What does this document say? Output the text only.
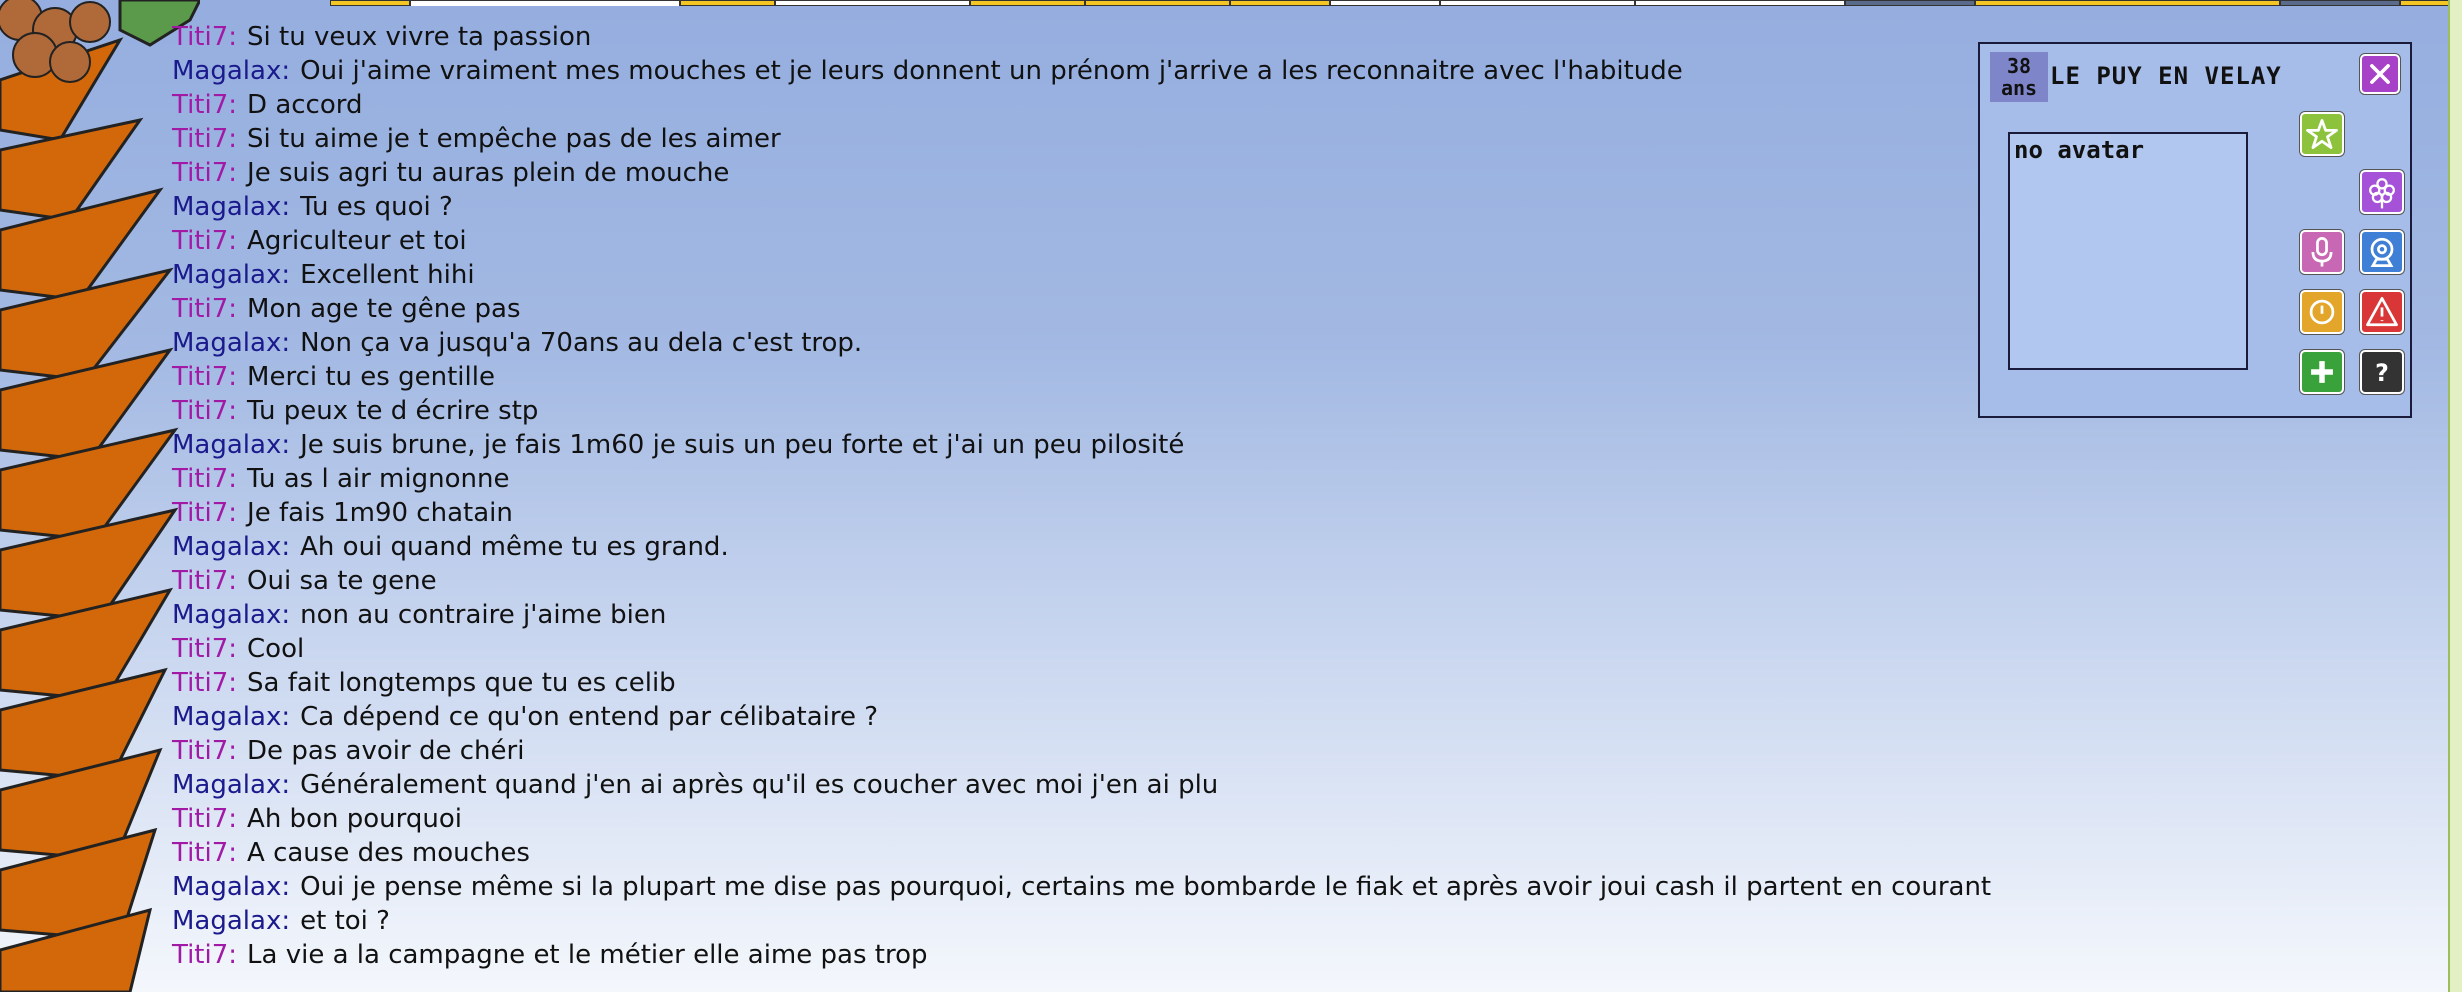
Titi7: Si tu veux vivre ta passion
Magalax: Oui j'aime vraiment mes mouches et je leurs donnent un prénom j'arrive a les reconnaitre avec l'habitude
Titi7: D accord
Titi7: Si tu aime je t empêche pas de les aimer
Titi7: Je suis agri tu auras plein de mouche
Magalax: Tu es quoi ?
Titi7: Agriculteur et toi
Magalax: Excellent hihi
Titi7: Mon age te gêne pas
Magalax: Non ça va jusqu'a 70ans au dela c'est trop.
Titi7: Merci tu es gentille
Titi7: Tu peux te d écrire stp
Magalax: Je suis brune, je fais 1m60 je suis un peu forte et j'ai un peu pilosité
Titi7: Tu as l air mignonne
Titi7: Je fais 1m90 chatain
Magalax: Ah oui quand même tu es grand.
Titi7: Oui sa te gene
Magalax: non au contraire j'aime bien
Titi7: Cool
Titi7: Sa fait longtemps que tu es celib
Magalax: Ca dépend ce qu'on entend par célibataire ?
Titi7: De pas avoir de chéri
Magalax: Généralement quand j'en ai après qu'il es coucher avec moi j'en ai plu
Titi7: Ah bon pourquoi
Titi7: A cause des mouches
Magalax: Oui je pense même si la plupart me dise pas pourquoi, certains me bombarde le fiak et après avoir joui cash il partent en courant
Magalax: et toi ?
Titi7: La vie a la campagne et le métier elle aime pas trop
38
ans LE PUY EN VELAY
no avatar
?
